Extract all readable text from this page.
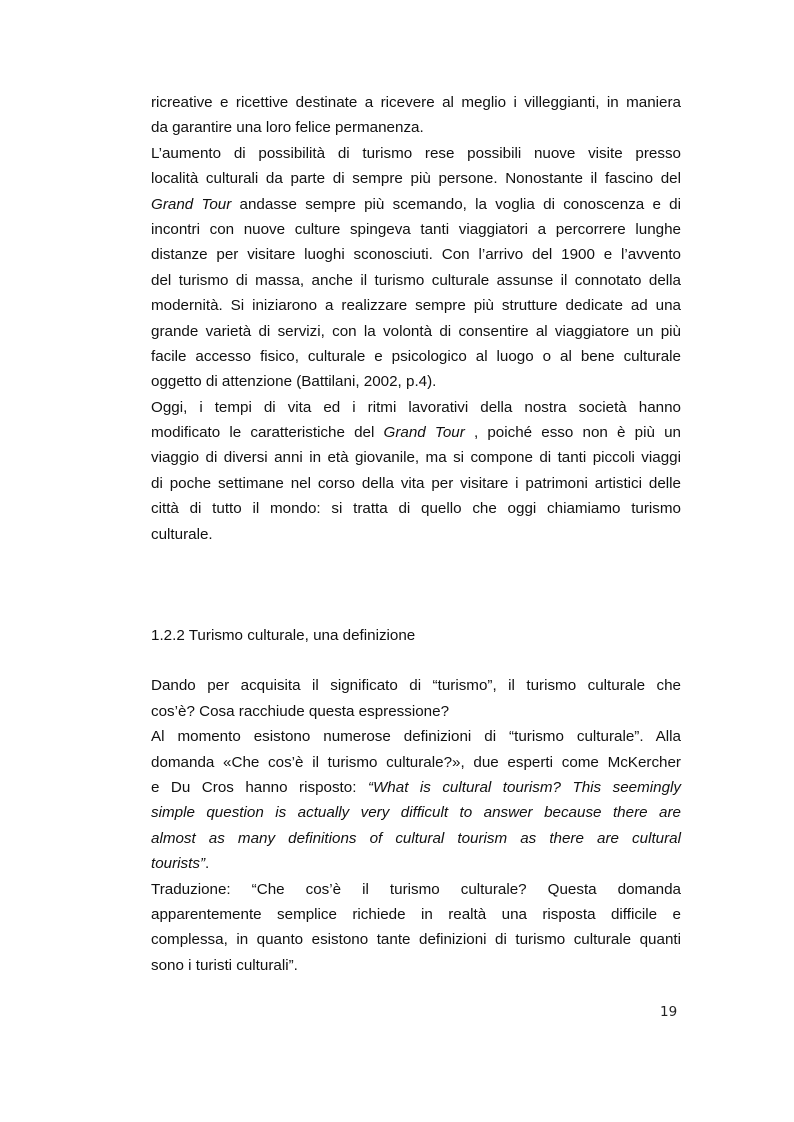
ricreative e ricettive destinate a ricevere al meglio i villeggianti, in maniera
da garantire una loro felice permanenza.
L’aumento di possibilità di turismo rese possibili nuove visite presso
località culturali da parte di sempre più persone. Nonostante il fascino del
Grand Tour andasse sempre più scemando, la voglia di conoscenza e di
incontri con nuove culture spingeva tanti viaggiatori a percorrere lunghe
distanze per visitare luoghi sconosciuti. Con l’arrivo del 1900 e l’avvento
del turismo di massa, anche il turismo culturale assunse il connotato della
modernità. Si iniziarono a realizzare sempre più strutture dedicate ad una
grande varietà di servizi, con la volontà di consentire al viaggiatore un più
facile accesso fisico, culturale e psicologico al luogo o al bene culturale
oggetto di attenzione (Battilani, 2002, p.4).
Oggi, i tempi di vita ed i ritmi lavorativi della nostra società hanno
modificato le caratteristiche del Grand Tour , poiché esso non è più un
viaggio di diversi anni in età giovanile, ma si compone di tanti piccoli viaggi
di poche settimane nel corso della vita per visitare i patrimoni artistici delle
città di tutto il mondo: si tratta di quello che oggi chiamiamo turismo
culturale.
1.2.2 Turismo culturale, una definizione
Dando per acquisita il significato di “turismo”, il turismo culturale che
cos’è? Cosa racchiude questa espressione?
Al momento esistono numerose definizioni di “turismo culturale”. Alla
domanda «Che cos’è il turismo culturale?», due esperti come McKercher
e Du Cros hanno risposto: “What is cultural tourism? This seemingly
simple question is actually very difficult to answer because there are
almost as many definitions of cultural tourism as there are cultural
tourists”.
Traduzione: “Che cos’è il turismo culturale? Questa domanda
apparentemente semplice richiede in realtà una risposta difficile e
complessa, in quanto esistono tante definizioni di turismo culturale quanti
sono i turisti culturali”.
19
